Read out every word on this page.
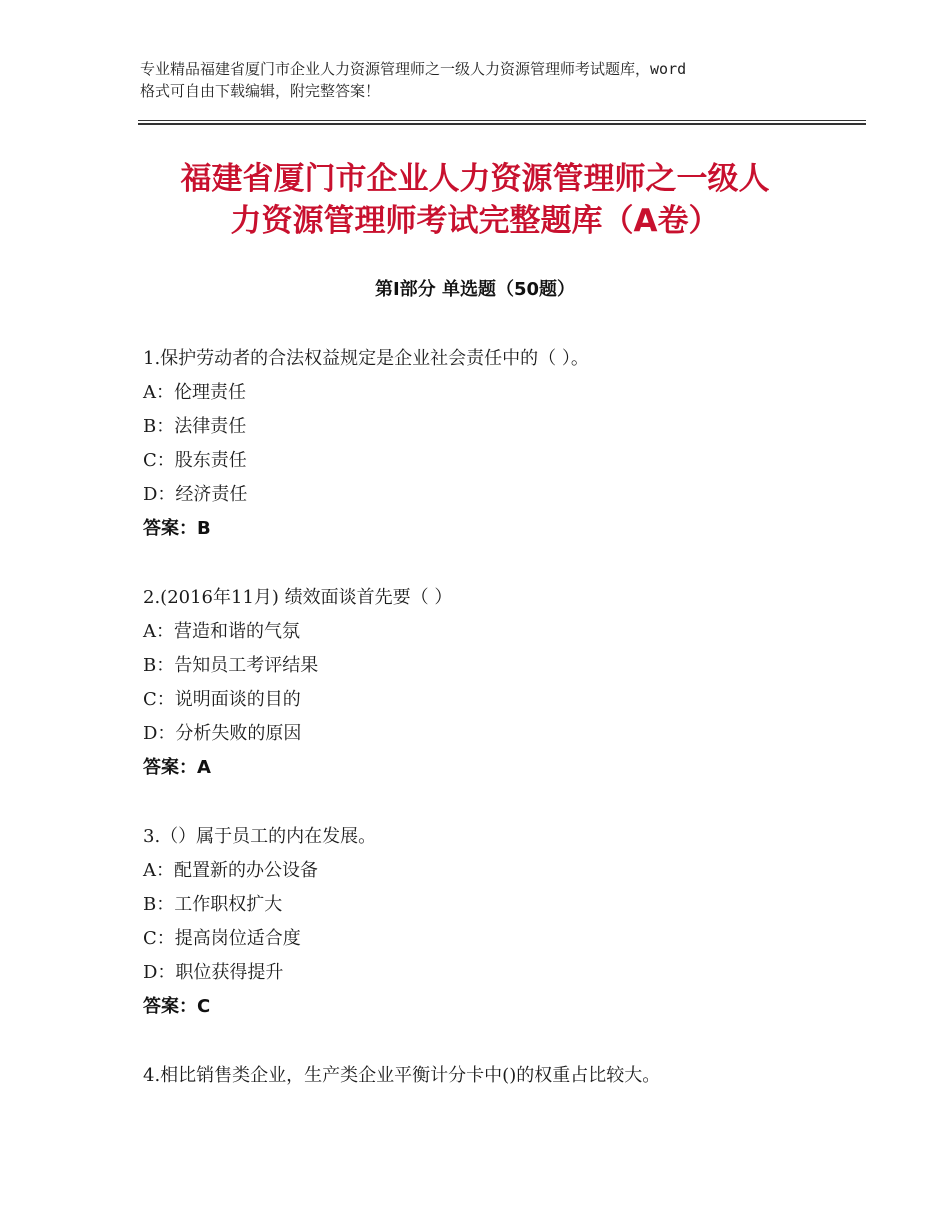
专业精品福建省厦门市企业人力资源管理师之一级人力资源管理师考试题库，word
格式可自由下载编辑，附完整答案！
福建省厦门市企业人力资源管理师之一级人
力资源管理师考试完整题库（A卷）
第Ⅰ部分 单选题（50题）
1.保护劳动者的合法权益规定是企业社会责任中的（ ）。
A：伦理责任
B：法律责任
C：股东责任
D：经济责任
答案：B
2.(2016年11月) 绩效面谈首先要（ ）
A：营造和谐的气氛
B：告知员工考评结果
C：说明面谈的目的
D：分析失败的原因
答案：A
3.（）属于员工的内在发展。
A：配置新的办公设备
B：工作职权扩大
C：提高岗位适合度
D：职位获得提升
答案：C
4.相比销售类企业，生产类企业平衡计分卡中()的权重占比较大。
